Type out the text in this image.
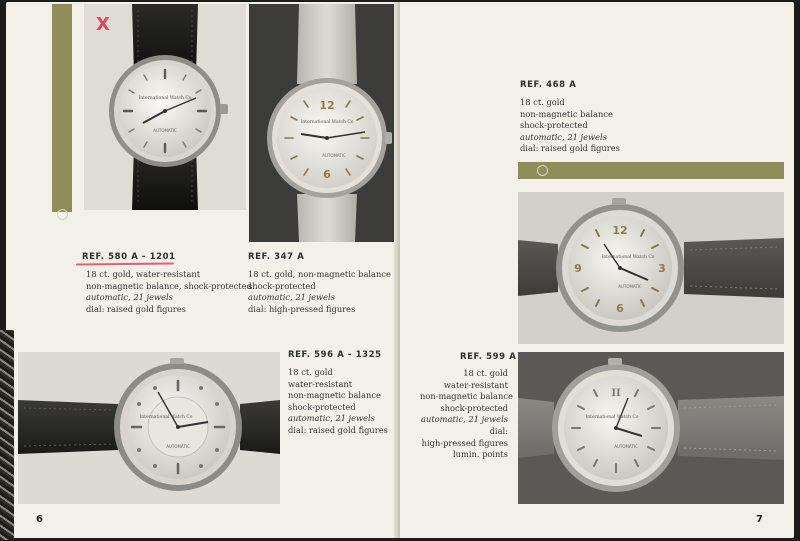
International Watch Co
AUTOMATIC
X
12
6
International Watch Co
AUTOMATIC
REF. 580 A - 1201
18 ct. gold, water-resistant
non-magnetic balance, shock-protected
automatic, 21 jewels
dial: raised gold figures
REF. 347 A
18 ct. gold, non-magnetic balance
shock-protected
automatic, 21 jewels
dial: high-pressed figures
International Watch Co
AUTOMATIC
REF. 596 A - 1325
18 ct. gold
water-resistant
non-magnetic balance
shock-protected
automatic, 21 jewels
dial: raised gold figures
6
REF. 468 A
18 ct. gold
non-magnetic balance
shock-protected
automatic, 21 jewels
dial: raised gold figures
12
3
6
9
International Watch Co
AUTOMATIC
REF. 599 A
18 ct. gold
water-resistant
non-magnetic balance
shock-protected
automatic, 21 jewels
dial:
high-pressed figures
lumin. points
II
International Watch Co
AUTOMATIC
7
